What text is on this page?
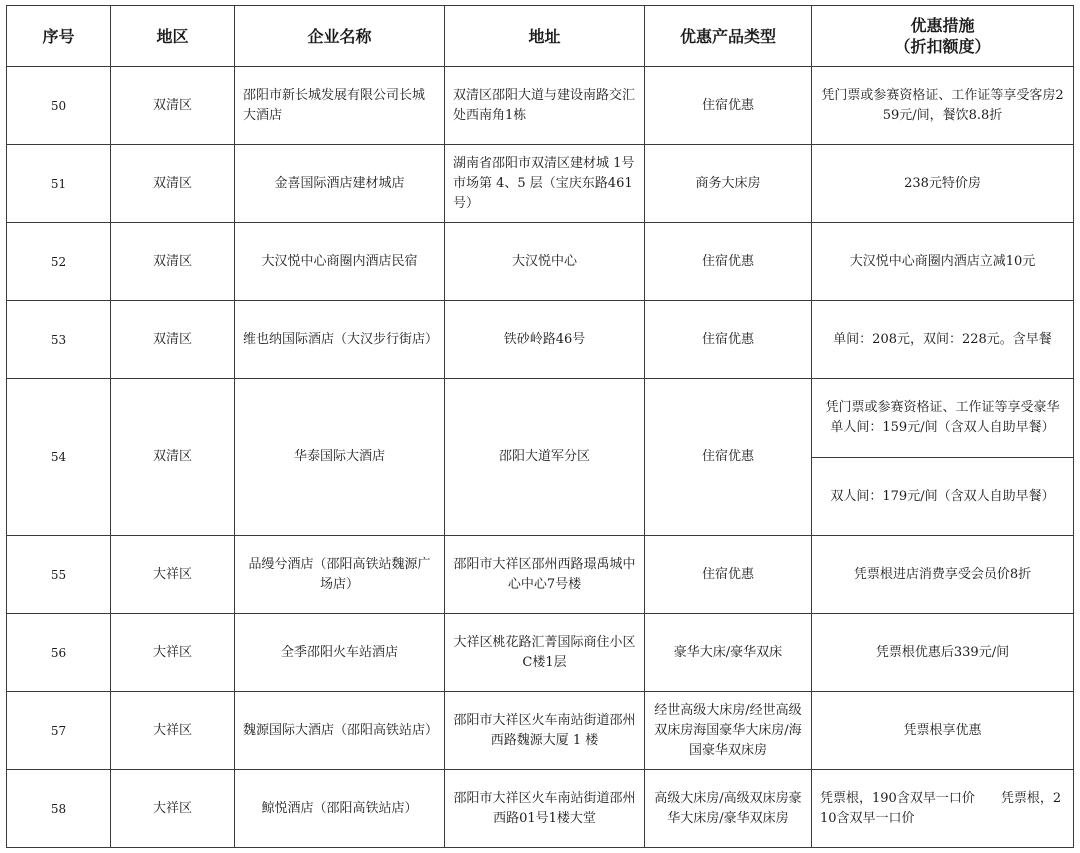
序号	地区	企业名称	地址	优惠产品类型	优惠措施
（折扣额度）
50	双清区	邵阳市新长城发展有限公司长城大酒店	双清区邵阳大道与建设南路交汇处西南角1栋	住宿优惠	凭门票或参赛资格证、工作证等享受客房259元/间，餐饮8.8折
51	双清区	金喜国际酒店建材城店	湖南省邵阳市双清区建材城 1号市场第 4、5 层（宝庆东路461 号）	商务大床房	238元特价房
52	双清区	大汉悦中心商圈内酒店民宿	大汉悦中心	住宿优惠	大汉悦中心商圈内酒店立减10元
53	双清区	维也纳国际酒店（大汉步行街店）	铁砂岭路46号	住宿优惠	单间：208元，双间：228元。含早餐
54	双清区	华泰国际大酒店	邵阳大道军分区	住宿优惠	凭门票或参赛资格证、工作证等享受豪华单人间：159元/间（含双人自助早餐）
					双人间：179元/间（含双人自助早餐）
55	大祥区	品缦兮酒店（邵阳高铁站魏源广场店）	邵阳市大祥区邵州西路璟禹城中心中心7号楼	住宿优惠	凭票根进店消费享受会员价8折
56	大祥区	全季邵阳火车站酒店	大祥区桃花路汇菁国际商住小区C楼1层	豪华大床/豪华双床	凭票根优惠后339元/间
57	大祥区	魏源国际大酒店（邵阳高铁站店）	邵阳市大祥区火车南站街道邵州西路魏源大厦 1 楼	经世高级大床房/经世高级双床房海国豪华大床房/海国豪华双床房	凭票根享优惠
58	大祥区	鲸悦酒店（邵阳高铁站店）	邵阳市大祥区火车南站街道邵州西路01号1楼大堂	高级大床房/高级双床房豪华大床房/豪华双床房	凭票根，190含双早一口价　　凭票根，210含双早一口价
